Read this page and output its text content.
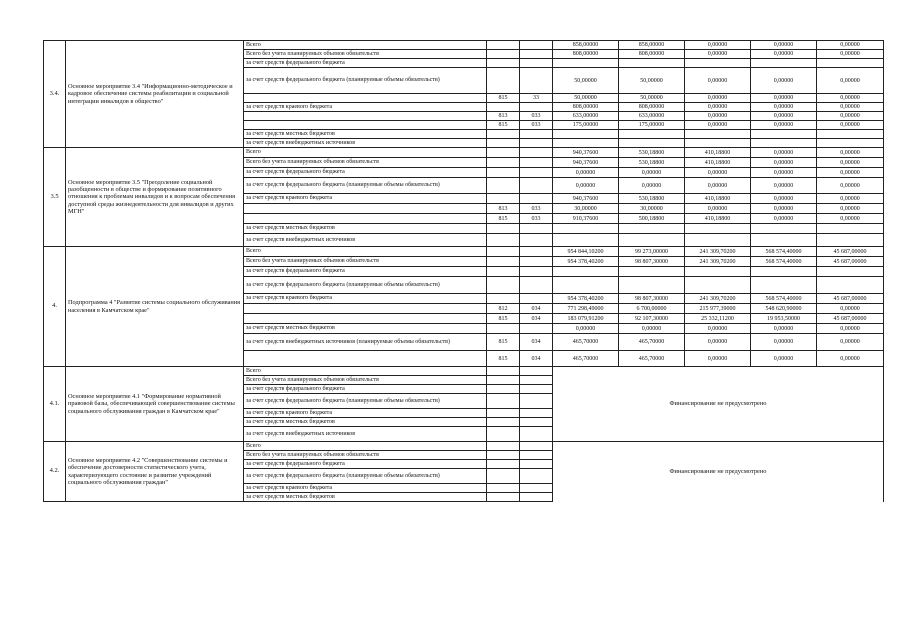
3.4.	Основное мероприятие 3.4 "Информационно-методическое и кадровое обеспечение системы реабилитации и социальной интеграции инвалидов в общество"	Всего			858,00000	858,00000	0,00000	0,00000	0,00000
		Всего без учета планируемых объемов обязательств			808,00000	808,00000	0,00000	0,00000	0,00000
		за счет средств федерального бюджета							
		за счет средств федерального бюджета (планируемые объемы обязательств)			50,00000	50,00000	0,00000	0,00000	0,00000
			815	33	50,00000	50,00000	0,00000	0,00000	0,00000
		за счет средств краевого бюджета			808,00000	808,00000	0,00000	0,00000	0,00000
			813	033	633,00000	633,00000	0,00000	0,00000	0,00000
			815	033	175,00000	175,00000	0,00000	0,00000	0,00000
		за счет средств местных бюджетов							
		за счет средств внебюджетных источников							
3.5	Основное мероприятие 3.5 "Преодоление социальной разобщенности в обществе и формирование позитивного отношения к проблемам инвалидов и к вопросам обеспечения доступной среды жизнедеятельности для инвалидов и других МГН"	Всего			940,37600	530,18800	410,18800	0,00000	0,00000
		Всего без учета планируемых объемов обязательств			940,37600	530,18800	410,18800	0,00000	0,00000
		за счет средств федерального бюджета			0,00000	0,00000	0,00000	0,00000	0,00000
		за счет средств федерального бюджета (планируемые объемы обязательств)			0,00000	0,00000	0,00000	0,00000	0,00000
		за счет средств краевого бюджета			940,37600	530,18800	410,18800	0,00000	0,00000
			813	033	30,00000	30,00000	0,00000	0,00000	0,00000
			815	033	910,37600	500,18800	410,18800	0,00000	0,00000
		за счет средств местных бюджетов							
		за счет средств внебюджетных источников							
4.	Подпрограмма 4 "Развитие системы социального обслуживания населения в Камчатском крае"	Всего			954 844,10200	99 273,00000	241 309,70200	568 574,40000	45 687,00000
		Всего без учета планируемых объемов обязательств			954 378,40200	98 807,30000	241 309,70200	568 574,40000	45 687,00000
		за счет средств федерального бюджета							
		за счет средств федерального бюджета (планируемые объемы обязательств)							
		за счет средств краевого бюджета			954 378,40200	98 807,30000	241 309,70200	568 574,40000	45 687,00000
			812	034	771 298,49000	6 700,00000	215 977,39000	548 620,90000	0,00000
			815	034	183 079,91200	92 107,30000	25 332,11200	19 953,50000	45 687,00000
		за счет средств местных бюджетов			0,00000	0,00000	0,00000	0,00000	0,00000
		за счет средств внебюджетных источников (планируемые объемы обязательств)	815	034	465,70000	465,70000	0,00000	0,00000	0,00000
			815	034	465,70000	465,70000	0,00000	0,00000	0,00000
4.1.	Основное мероприятие 4.1 "Формирование нормативной правовой базы, обеспечивающей совершенствование системы социального обслуживания граждан в Камчатском крае"	Всего			Финансирование не предусмотрено				
		Всего без учета планируемых объемов обязательств							
		за счет средств федерального бюджета							
		за счет средств федерального бюджета (планируемые объемы обязательств)							
		за счет средств краевого бюджета							
		за счет средств местных бюджетов							
		за счет средств внебюджетных источников							
4.2.	Основное мероприятие 4.2 "Совершенствование системы и обеспечение достоверности статистического учета, характеризующего состояние и развитие учреждений социального обслуживания граждан"	Всего			Финансирование не предусмотрено				
		Всего без учета планируемых объемов обязательств							
		за счет средств федерального бюджета							
		за счет средств федерального бюджета (планируемые объемы обязательств)							
		за счет средств краевого бюджета							
		за счет средств местных бюджетов							
